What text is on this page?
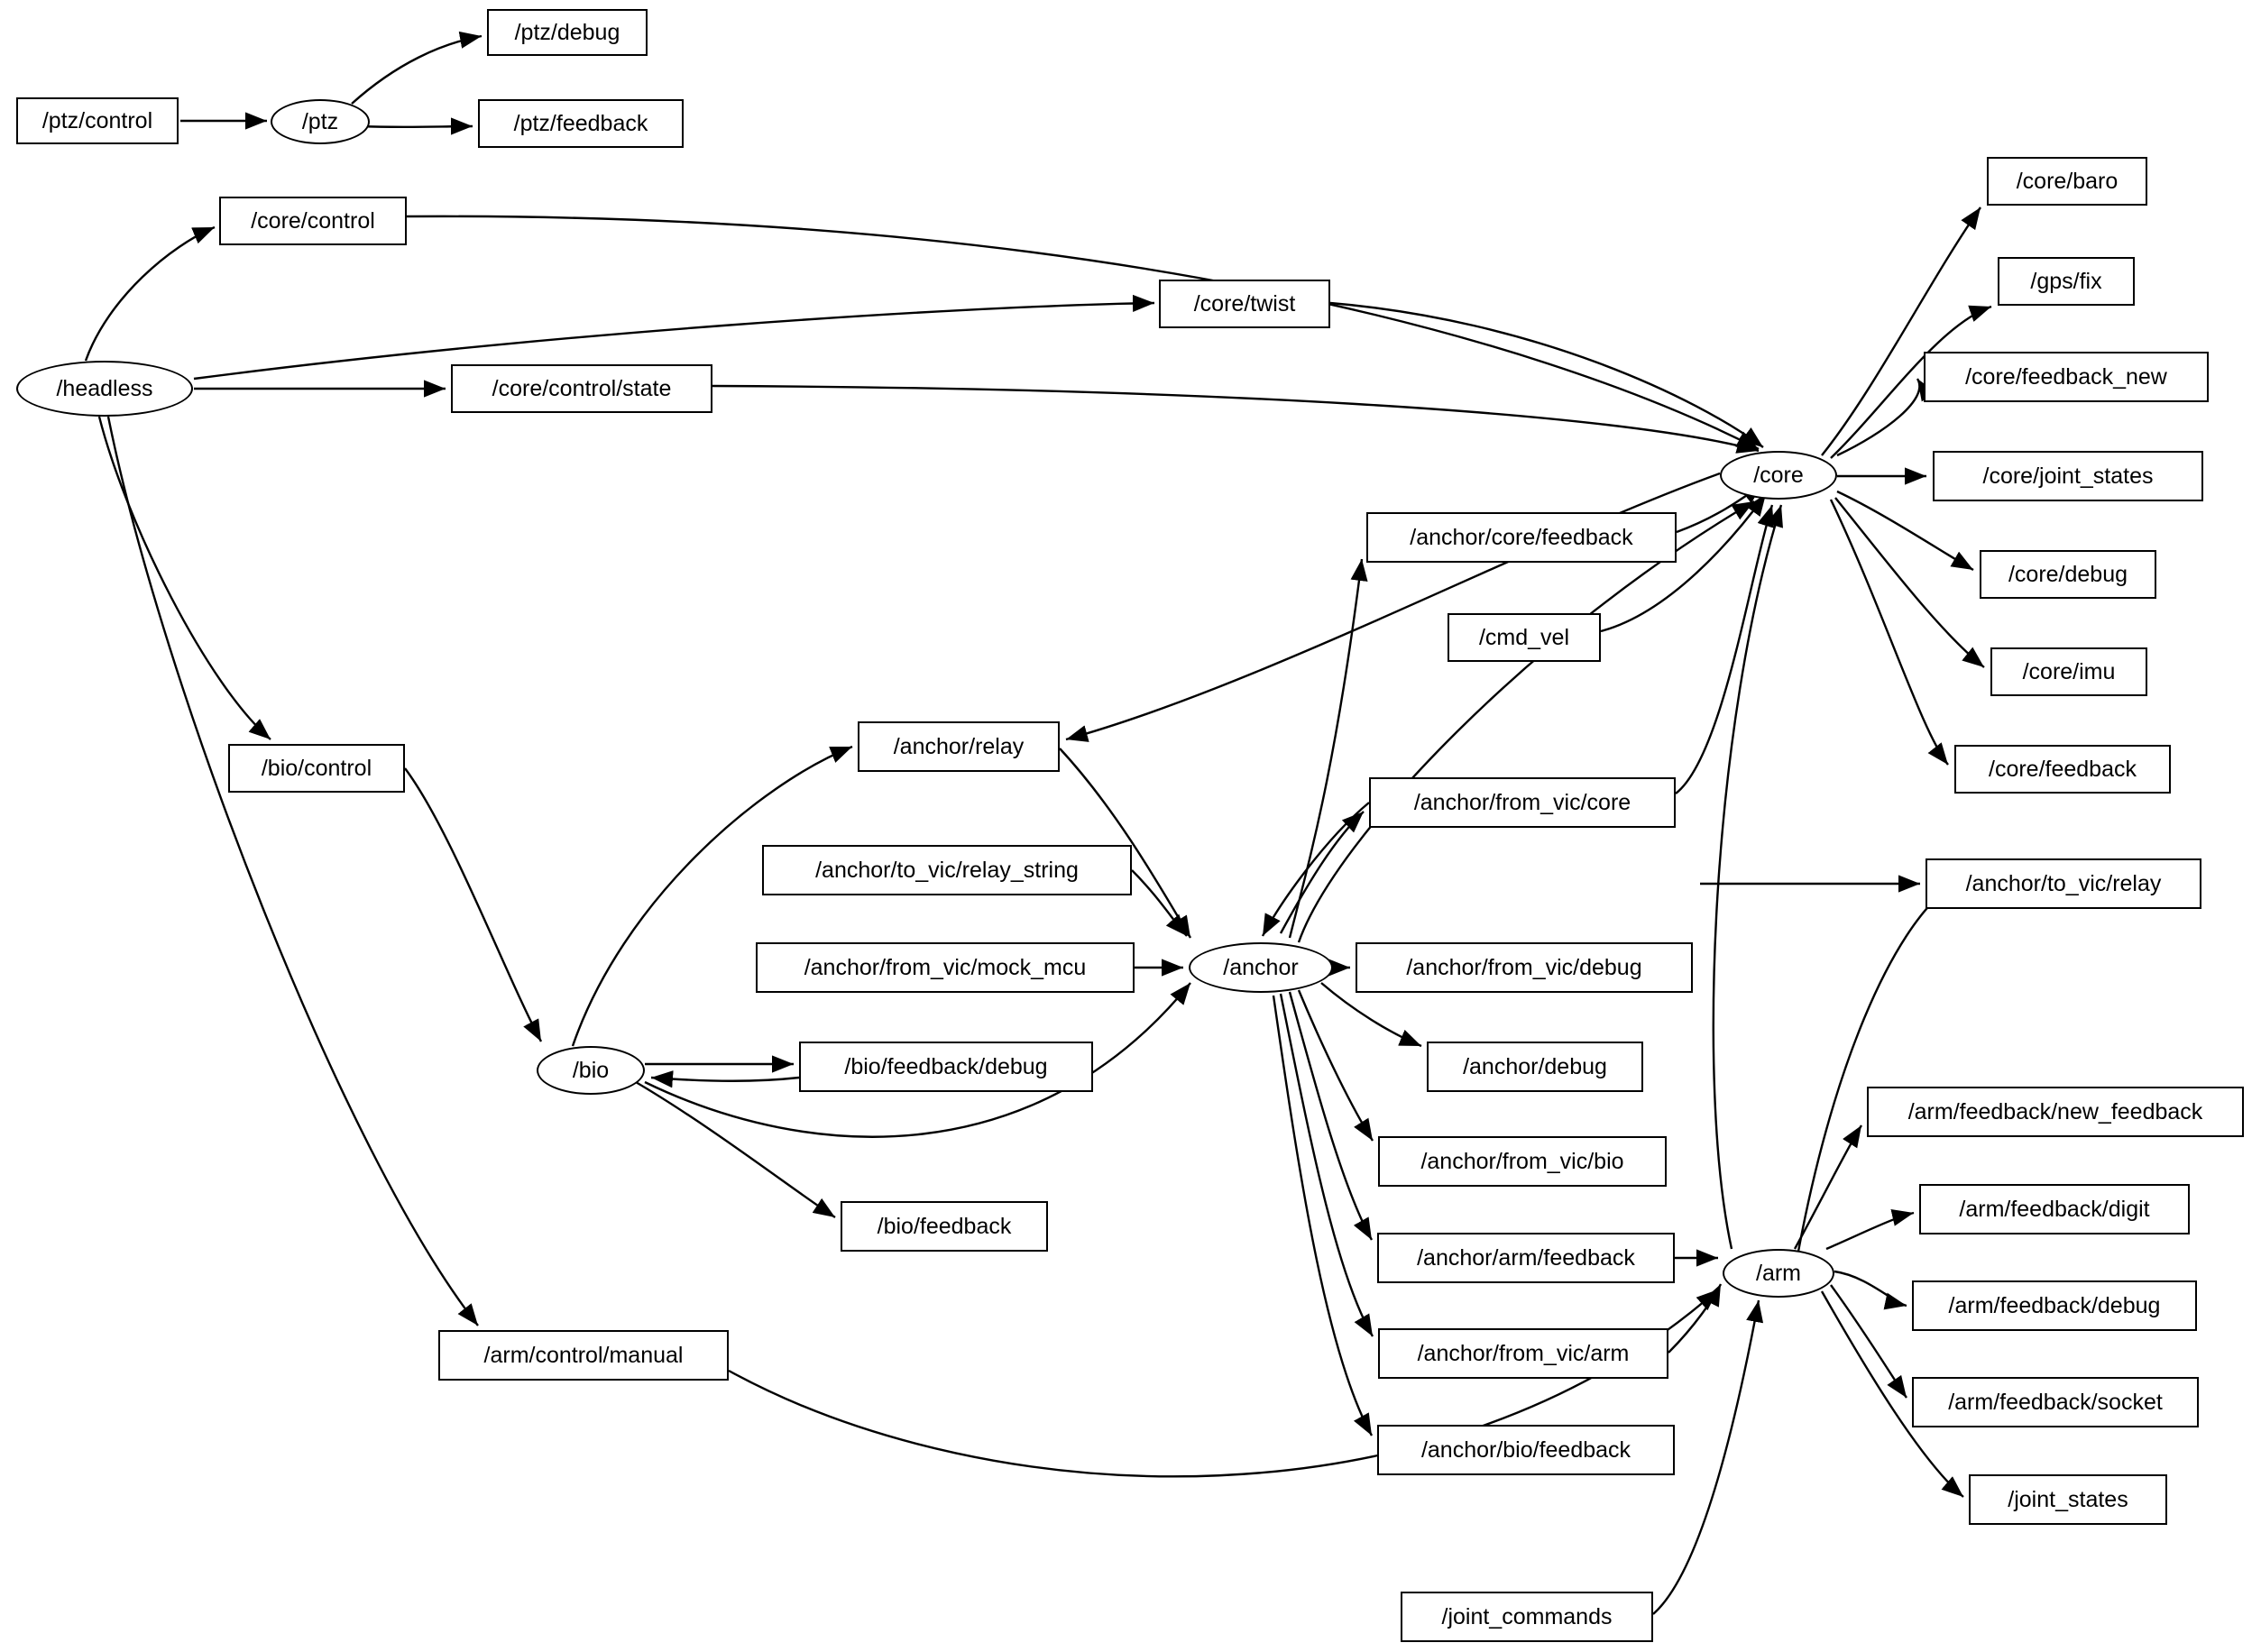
/ptz/control	/ptz
/ptz/debug
/ptz/feedback
/core/control
/headless
/core/twist
/core/control/state
/core/baro
/gps/fix
/core/feedback_new
/core	/core/joint_states
/core/debug
/core/imu
/core/feedback
/anchor/core/feedback
/cmd_vel
/anchor/relay
/anchor/from_vic/core
/bio/control
/anchor/to_vic/relay_string
/anchor/to_vic/relay
/anchor/from_vic/mock_mcu	/anchor	/anchor/from_vic/debug
/anchor/debug
/bio	/bio/feedback/debug
/arm/feedback/new_feedback
/anchor/from_vic/bio
/arm/feedback/digit
/bio/feedback
/anchor/arm/feedback
/arm
/arm/feedback/debug
/anchor/from_vic/arm
/arm/feedback/socket
/arm/control/manual
/joint_states
/anchor/bio/feedback
/joint_commands
